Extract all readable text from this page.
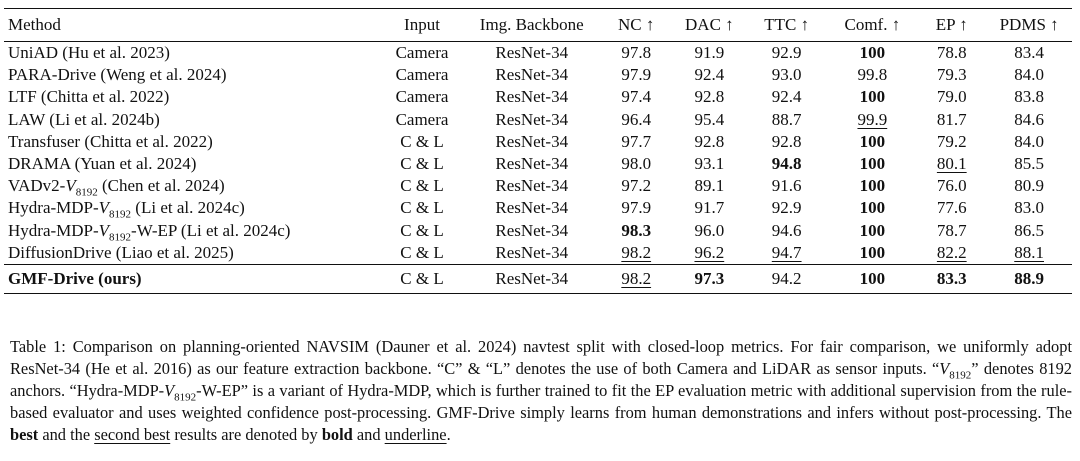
Method	Input	Img. Backbone	NC ↑	DAC ↑	TTC ↑	Comf. ↑	EP ↑	PDMS ↑
UniAD (Hu et al. 2023)	Camera	ResNet-34	97.8	91.9	92.9	100	78.8	83.4
PARA-Drive (Weng et al. 2024)	Camera	ResNet-34	97.9	92.4	93.0	99.8	79.3	84.0
LTF (Chitta et al. 2022)	Camera	ResNet-34	97.4	92.8	92.4	100	79.0	83.8
LAW (Li et al. 2024b)	Camera	ResNet-34	96.4	95.4	88.7	99.9	81.7	84.6
Transfuser (Chitta et al. 2022)	C & L	ResNet-34	97.7	92.8	92.8	100	79.2	84.0
DRAMA (Yuan et al. 2024)	C & L	ResNet-34	98.0	93.1	94.8	100	80.1	85.5
$VADv2-V_{8192}$ (Chen et al. 2024)	C & L	ResNet-34	97.2	89.1	91.6	100	76.0	80.9
Hydra-$MDP-V_{8192}$ (Li et al. 2024c)	C & L	ResNet-34	97.9	91.7	92.9	100	77.6	83.0
Hydra-$MDP-V_{8192}-W-EP$ (Li et al. 2024c)	C & L	ResNet-34	98.3	96.0	94.6	100	78.7	86.5
DiffusionDrive (Liao et al. 2025)	C & L	ResNet-34	98.2	96.2	94.7	100	82.2	88.1
GMF-Drive (ours)	C & L	ResNet-34	98.2	97.3	94.2	100	83.3	88.9

Table 1: Comparison on planning-oriented NAVSIM (Dauner et al. 2024) navtest split with closed-loop metrics. For fair comparison, we uniformly adopt ResNet-34 (He et al. 2016) as our feature extraction backbone. “C” & “L” denotes the use of both Camera and LiDAR as sensor inputs. “$V_{8192}$” denotes 8192 anchors. “$Hydra-MDP-V_{8192}-W-EP$” is a variant of Hydra-MDP, which is further trained to fit the EP evaluation metric with additional supervision from the rule-based evaluator and uses weighted confidence post-processing. GMF-Drive simply learns from human demonstrations and infers without post-processing. The best and the second best results are denoted by bold and underline.
